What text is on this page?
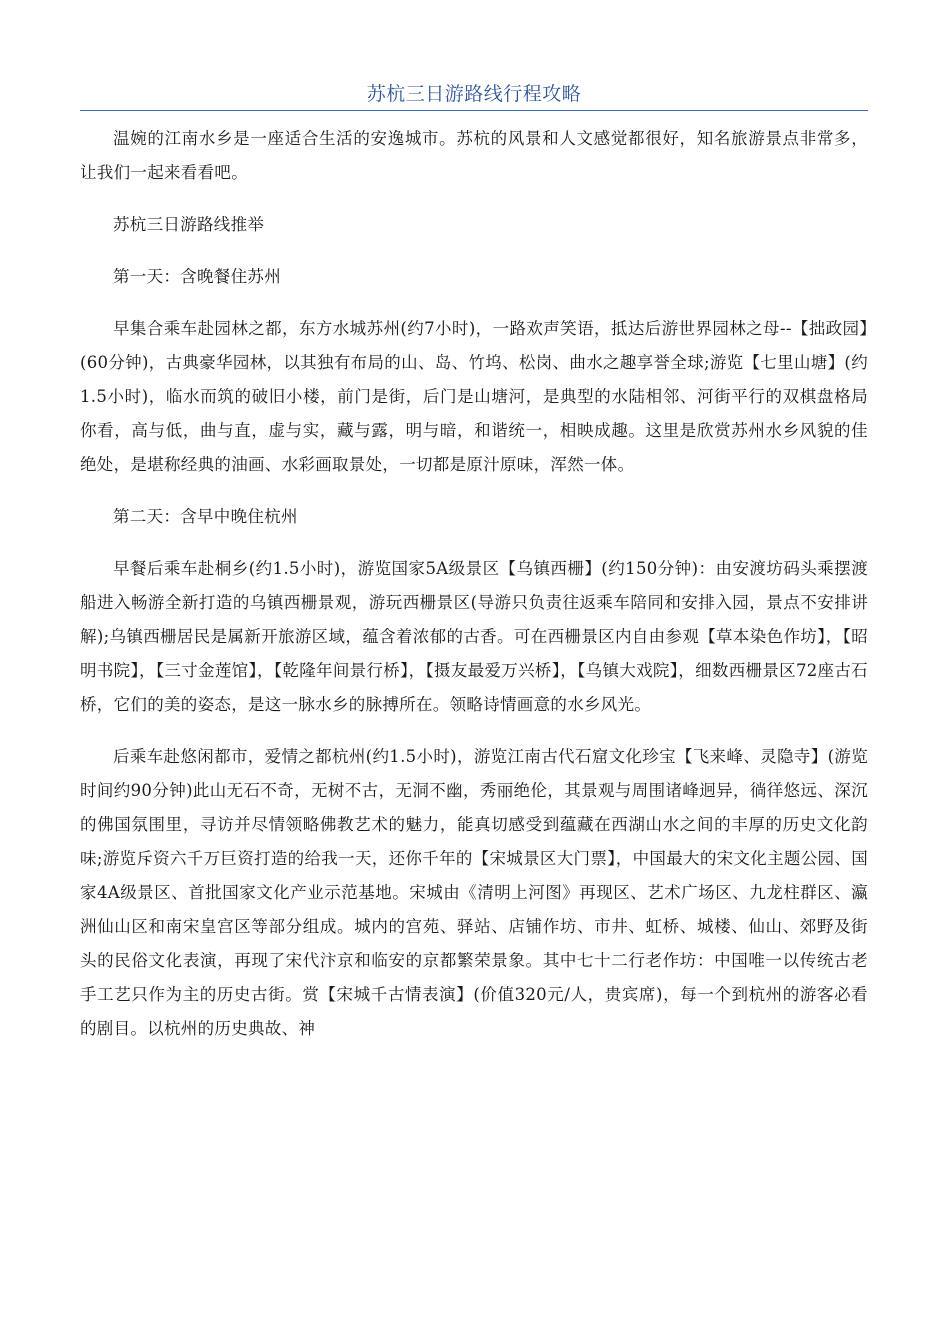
苏杭三日游路线行程攻略

温婉的江南水乡是一座适合生活的安逸城市。苏杭的风景和人文感觉都很好，知名旅游景点非常多，让我们一起来看看吧。

苏杭三日游路线推举

第一天：含晚餐住苏州

早集合乘车赴园林之都，东方水城苏州(约7小时)，一路欢声笑语，抵达后游世界园林之母--【拙政园】(60分钟)，古典豪华园林，以其独有布局的山、岛、竹坞、松岗、曲水之趣享誉全球;游览【七里山塘】(约1.5小时)，临水而筑的破旧小楼，前门是街，后门是山塘河，是典型的水陆相邻、河街平行的双棋盘格局你看，高与低，曲与直，虚与实，藏与露，明与暗，和谐统一，相映成趣。这里是欣赏苏州水乡风貌的佳绝处，是堪称经典的油画、水彩画取景处，一切都是原汁原味，浑然一体。

第二天：含早中晚住杭州

早餐后乘车赴桐乡(约1.5小时)，游览国家5A级景区【乌镇西栅】(约150分钟)：由安渡坊码头乘摆渡船进入畅游全新打造的乌镇西栅景观，游玩西栅景区(导游只负责往返乘车陪同和安排入园，景点不安排讲解);乌镇西栅居民是属新开旅游区域，蕴含着浓郁的古香。可在西栅景区内自由参观【草本染色作坊】，【昭明书院】，【三寸金莲馆】，【乾隆年间景行桥】，【摄友最爱万兴桥】，【乌镇大戏院】，细数西栅景区72座古石桥，它们的美的姿态，是这一脉水乡的脉搏所在。领略诗情画意的水乡风光。

后乘车赴悠闲都市，爱情之都杭州(约1.5小时)，游览江南古代石窟文化珍宝【飞来峰、灵隐寺】(游览时间约90分钟)此山无石不奇，无树不古，无洞不幽，秀丽绝伦，其景观与周围诸峰迥异，徜徉悠远、深沉的佛国氛围里，寻访并尽情领略佛教艺术的魅力，能真切感受到蕴藏在西湖山水之间的丰厚的历史文化韵味;游览斥资六千万巨资打造的给我一天，还你千年的【宋城景区大门票】，中国最大的宋文化主题公园、国家4A级景区、首批国家文化产业示范基地。宋城由《清明上河图》再现区、艺术广场区、九龙柱群区、瀛洲仙山区和南宋皇宫区等部分组成。城内的宫苑、驿站、店铺作坊、市井、虹桥、城楼、仙山、郊野及街头的民俗文化表演，再现了宋代汴京和临安的京都繁荣景象。其中七十二行老作坊：中国唯一以传统古老手工艺只作为主的历史古街。赏【宋城千古情表演】(价值320元/人，贵宾席)，每一个到杭州的游客必看的剧目。以杭州的历史典故、神
